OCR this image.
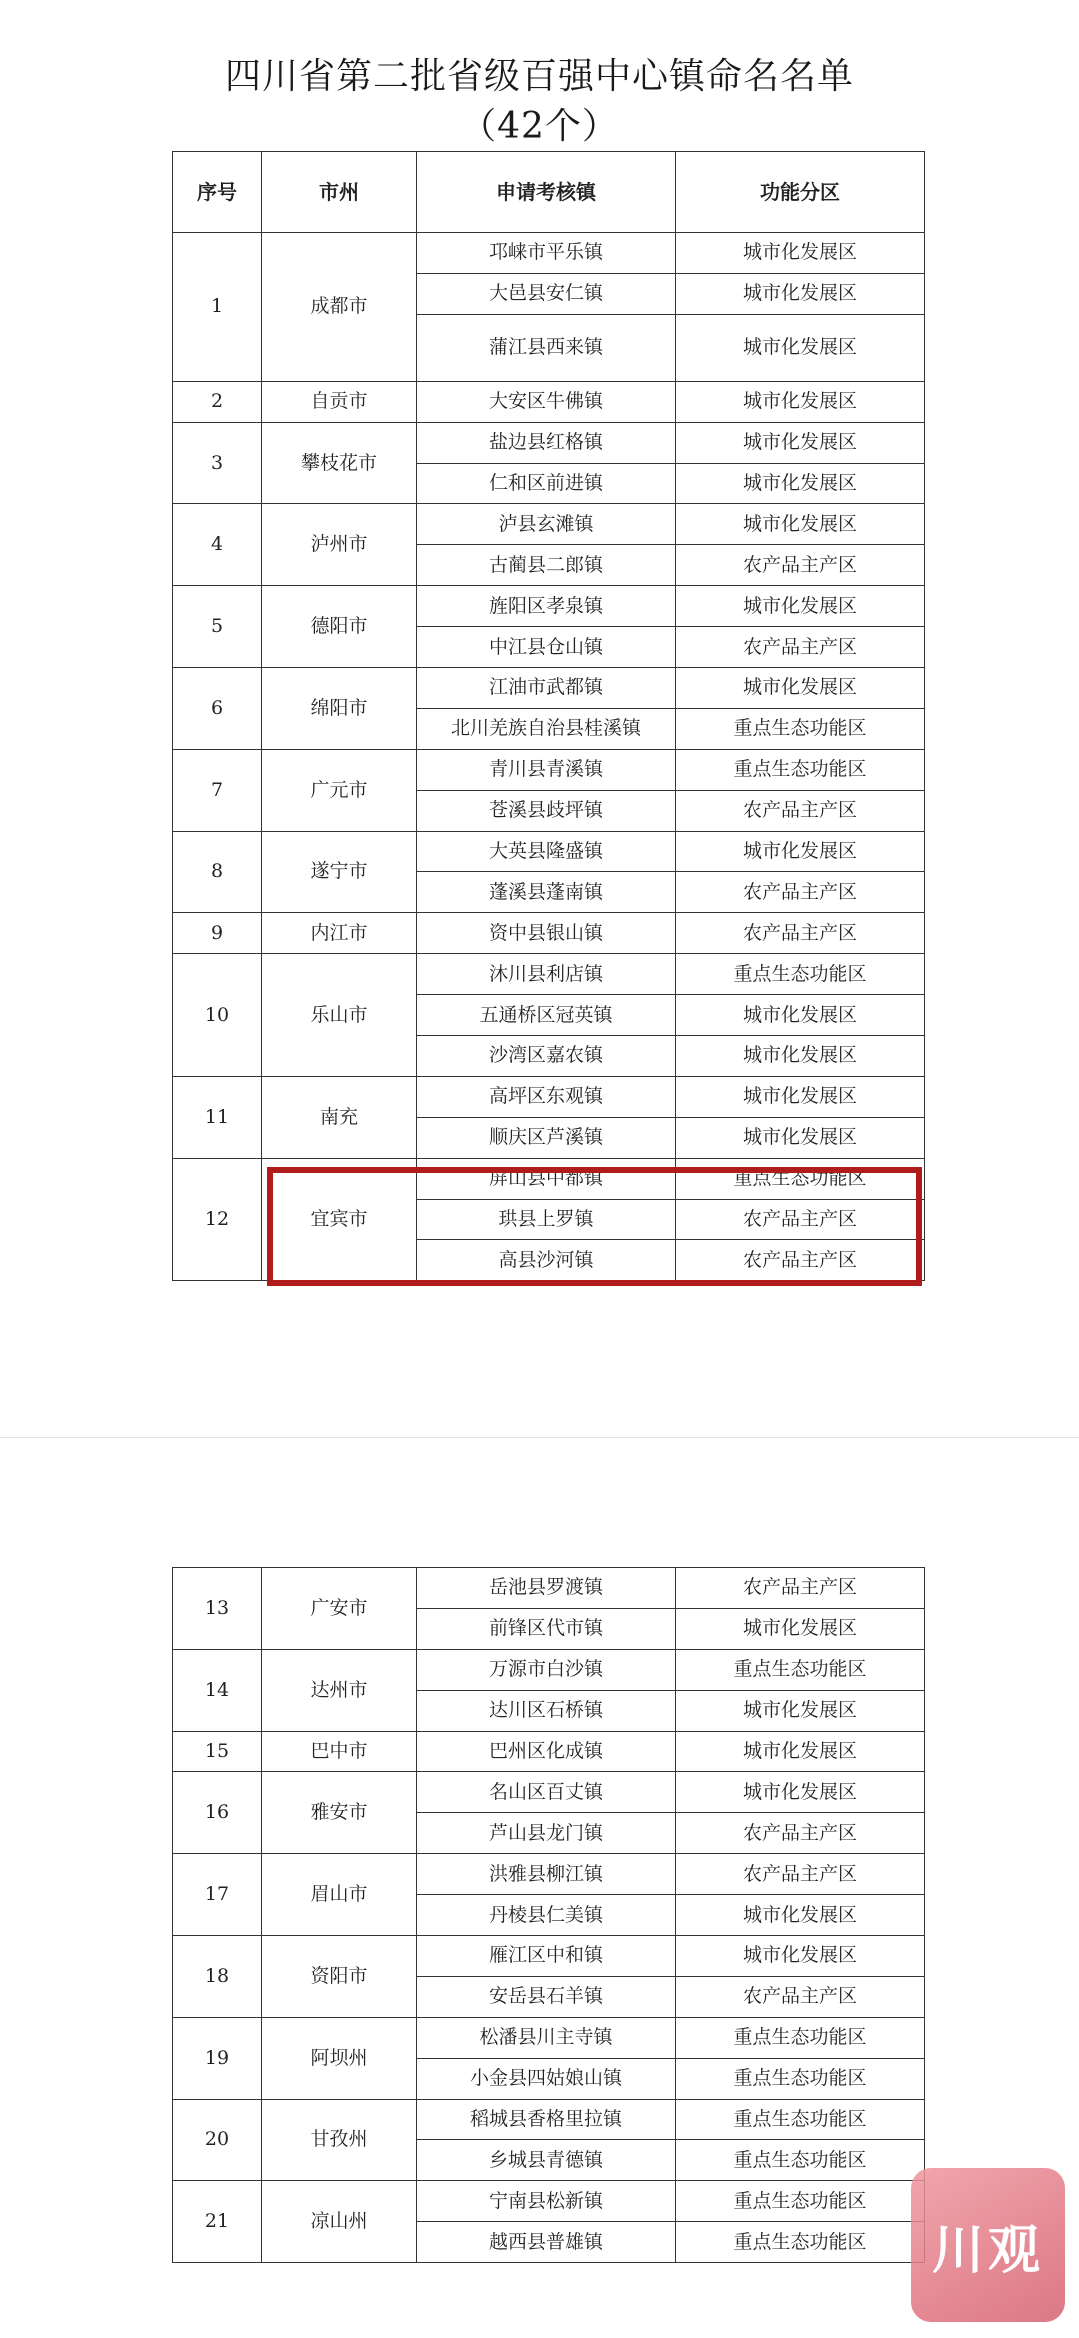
四川省第二批省级百强中心镇命名名单
（42个）
序号	市州	申请考核镇	功能分区
1	成都市	邛崃市平乐镇	城市化发展区
		大邑县安仁镇	城市化发展区
		蒲江县西来镇	城市化发展区
2	自贡市	大安区牛佛镇	城市化发展区
3	攀枝花市	盐边县红格镇	城市化发展区
		仁和区前进镇	城市化发展区
4	泸州市	泸县玄滩镇	城市化发展区
		古蔺县二郎镇	农产品主产区
5	德阳市	旌阳区孝泉镇	城市化发展区
		中江县仓山镇	农产品主产区
6	绵阳市	江油市武都镇	城市化发展区
		北川羌族自治县桂溪镇	重点生态功能区
7	广元市	青川县青溪镇	重点生态功能区
		苍溪县歧坪镇	农产品主产区
8	遂宁市	大英县隆盛镇	城市化发展区
		蓬溪县蓬南镇	农产品主产区
9	内江市	资中县银山镇	农产品主产区
10	乐山市	沐川县利店镇	重点生态功能区
		五通桥区冠英镇	城市化发展区
		沙湾区嘉农镇	城市化发展区
11	南充	高坪区东观镇	城市化发展区
		顺庆区芦溪镇	城市化发展区
12	宜宾市	屏山县中都镇	重点生态功能区
		珙县上罗镇	农产品主产区
		高县沙河镇	农产品主产区
13	广安市	岳池县罗渡镇	农产品主产区
		前锋区代市镇	城市化发展区
14	达州市	万源市白沙镇	重点生态功能区
		达川区石桥镇	城市化发展区
15	巴中市	巴州区化成镇	城市化发展区
16	雅安市	名山区百丈镇	城市化发展区
		芦山县龙门镇	农产品主产区
17	眉山市	洪雅县柳江镇	农产品主产区
		丹棱县仁美镇	城市化发展区
18	资阳市	雁江区中和镇	城市化发展区
		安岳县石羊镇	农产品主产区
19	阿坝州	松潘县川主寺镇	重点生态功能区
		小金县四姑娘山镇	重点生态功能区
20	甘孜州	稻城县香格里拉镇	重点生态功能区
		乡城县青德镇	重点生态功能区
21	凉山州	宁南县松新镇	重点生态功能区
		越西县普雄镇	重点生态功能区 川观
